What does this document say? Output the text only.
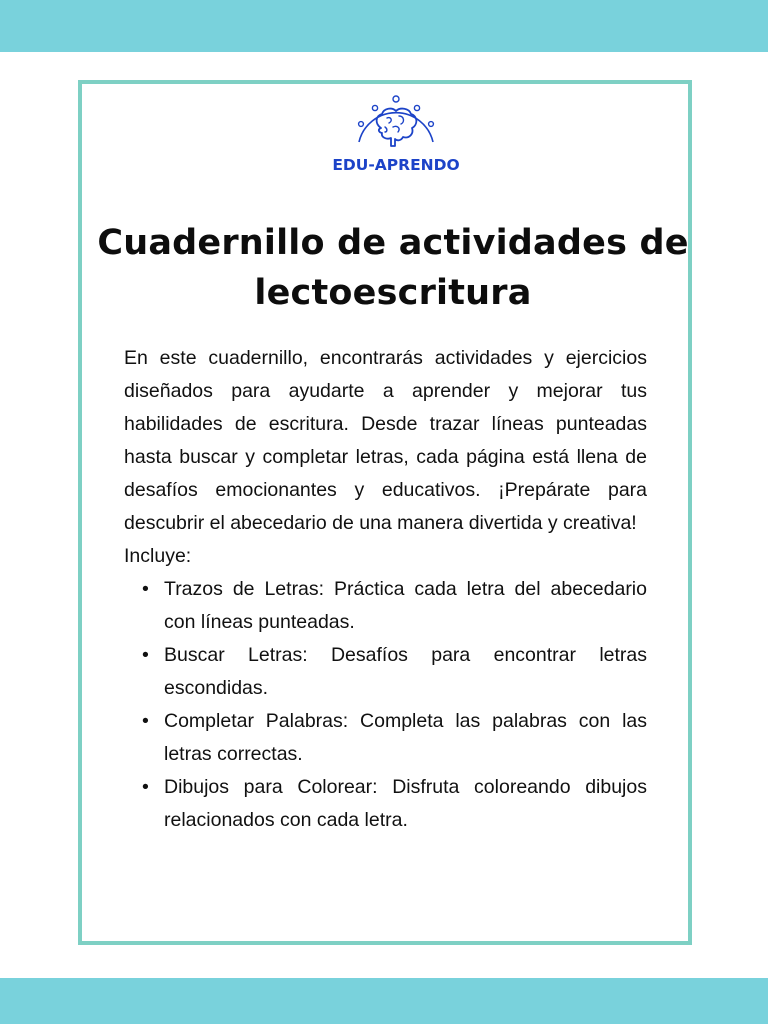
EDU-APRENDO
Cuadernillo de actividades de
lectoescritura

En este cuadernillo, encontrarás actividades y ejercicios diseñados para ayudarte a aprender y mejorar tus habilidades de escritura. Desde trazar líneas punteadas hasta buscar y completar letras, cada página está llena de desafíos emocionantes y educativos. ¡Prepárate para descubrir el abecedario de una manera divertida y creativa!

Incluye:

• Trazos de Letras: Práctica cada letra del abecedario con líneas punteadas.
• Buscar Letras: Desafíos para encontrar letras escondidas.
• Completar Palabras: Completa las palabras con las letras correctas.
• Dibujos para Colorear: Disfruta coloreando dibujos relacionados con cada letra.
